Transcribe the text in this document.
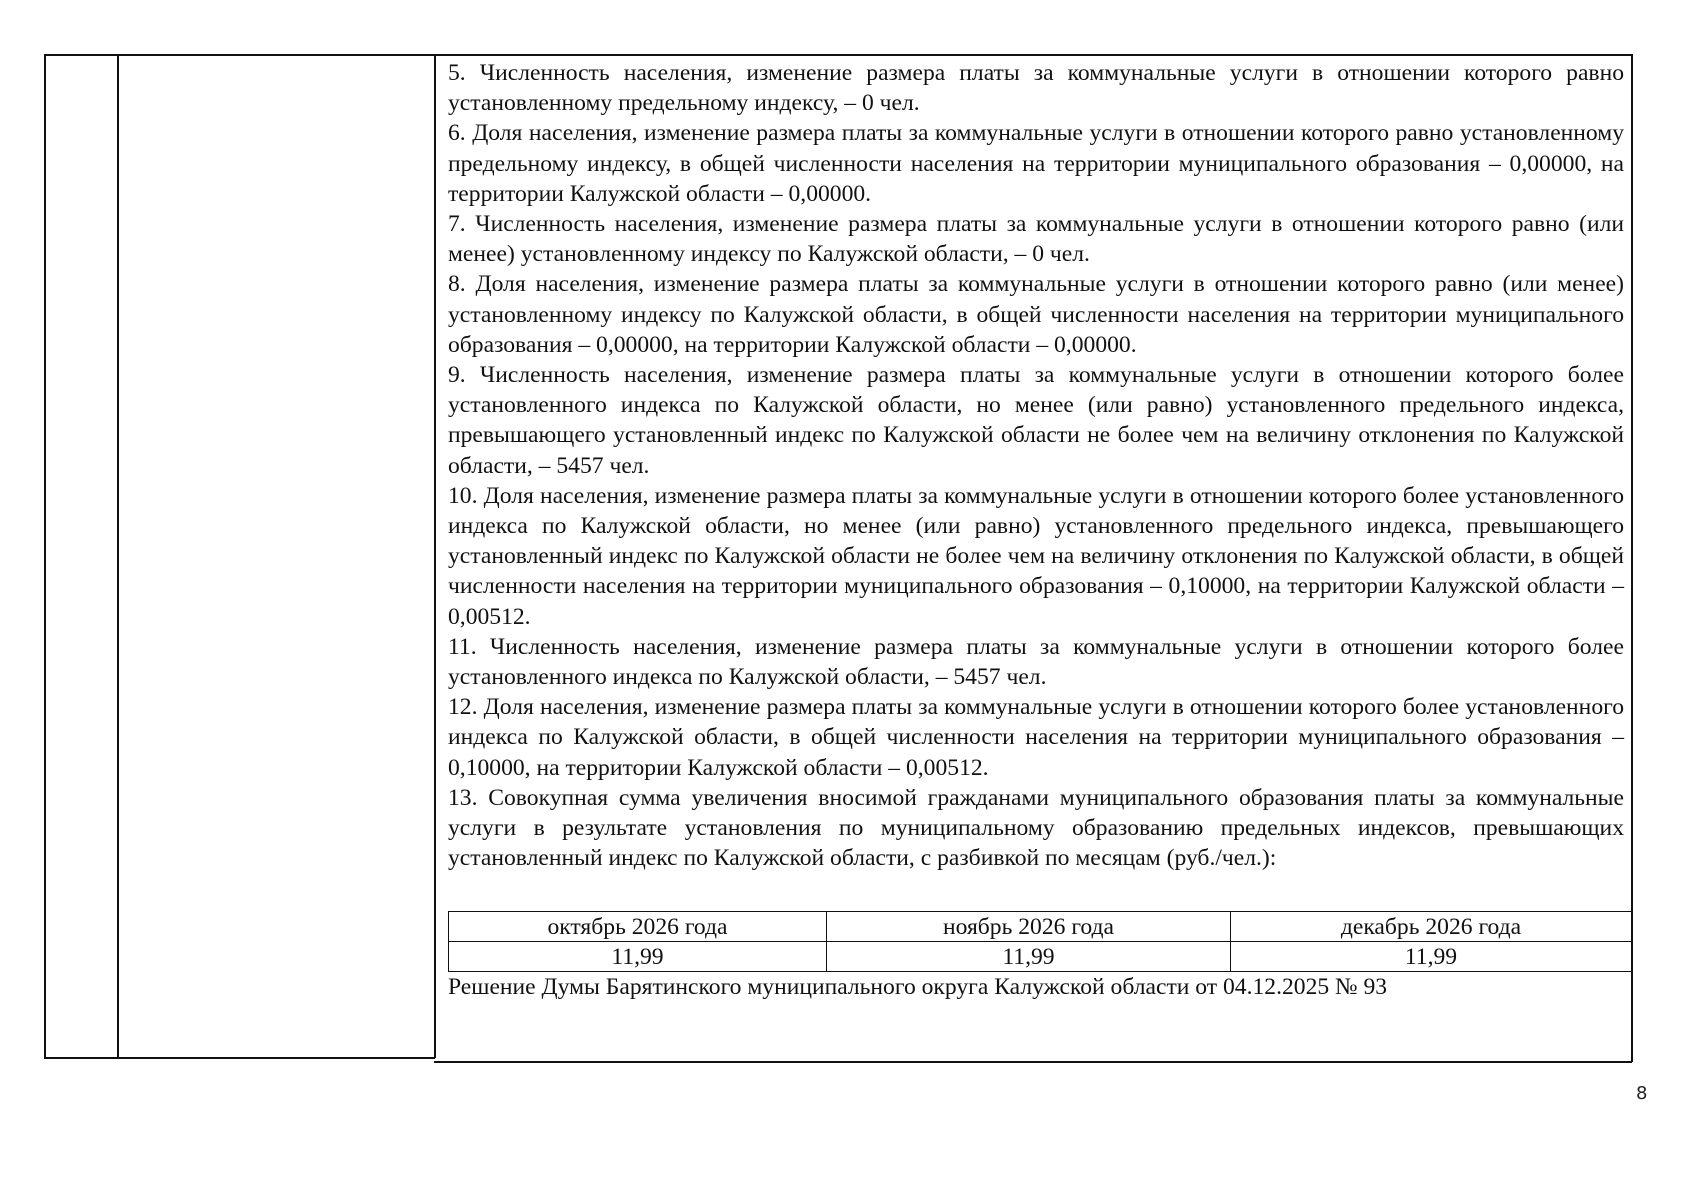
5. Численность населения, изменение размера платы за коммунальные услуги в отношении которого равно установленному предельному индексу, – 0 чел.

6. Доля населения, изменение размера платы за коммунальные услуги в отношении которого равно установленному предельному индексу, в общей численности населения на территории муниципального образования – 0,00000, на территории Калужской области – 0,00000.

7. Численность населения, изменение размера платы за коммунальные услуги в отношении которого равно (или менее) установленному индексу по Калужской области, – 0 чел.

8. Доля населения, изменение размера платы за коммунальные услуги в отношении которого равно (или менее) установленному индексу по Калужской области, в общей численности населения на территории муниципального образования – 0,00000, на территории Калужской области – 0,00000.

9. Численность населения, изменение размера платы за коммунальные услуги в отношении которого более установленного индекса по Калужской области, но менее (или равно) установленного предельного индекса, превышающего установленный индекс по Калужской области не более чем на величину отклонения по Калужской области, – 5457 чел.

10. Доля населения, изменение размера платы за коммунальные услуги в отношении которого более установленного индекса по Калужской области, но менее (или равно) установленного предельного индекса, превышающего установленный индекс по Калужской области не более чем на величину отклонения по Калужской области, в общей численности населения на территории муниципального образования – 0,10000, на территории Калужской области – 0,00512.

11. Численность населения, изменение размера платы за коммунальные услуги в отношении которого более установленного индекса по Калужской области, – 5457 чел.

12. Доля населения, изменение размера платы за коммунальные услуги в отношении которого более установленного индекса по Калужской области, в общей численности населения на территории муниципального образования – 0,10000, на территории Калужской области – 0,00512.

13. Совокупная сумма увеличения вносимой гражданами муниципального образования платы за коммунальные услуги в результате установления по муниципальному образованию предельных индексов, превышающих установленный индекс по Калужской области, с разбивкой по месяцам (руб./чел.):

октябрь 2026 года	ноябрь 2026 года	декабрь 2026 года
11,99	11,99	11,99
Решение Думы Барятинского муниципального округа Калужской области от 04.12.2025 № 93
8
